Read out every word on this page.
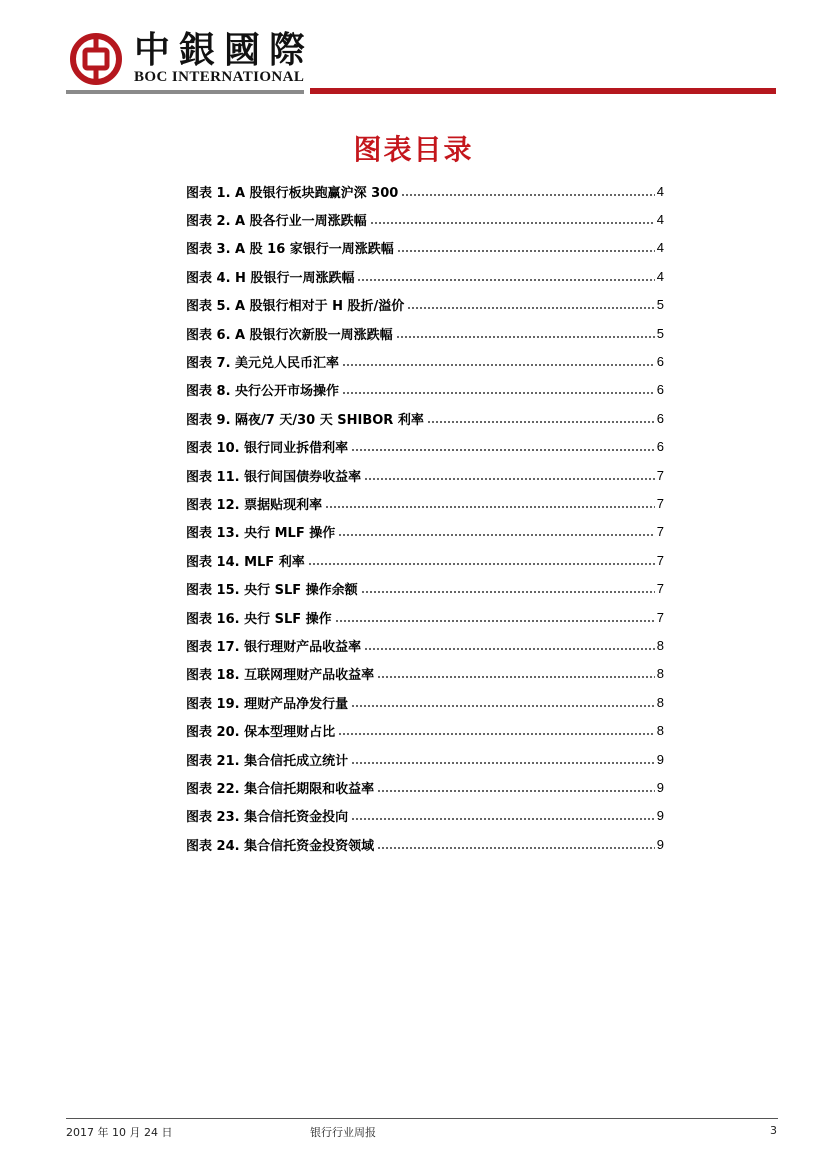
中銀國際
BOC INTERNATIONAL
图表目录
图表 1. A 股银行板块跑赢沪深 300	4
图表 2. A 股各行业一周涨跌幅	4
图表 3. A 股 16 家银行一周涨跌幅	4
图表 4. H 股银行一周涨跌幅	4
图表 5. A 股银行相对于 H 股折/溢价	5
图表 6. A 股银行次新股一周涨跌幅	5
图表 7. 美元兑人民币汇率	6
图表 8. 央行公开市场操作	6
图表 9. 隔夜/7 天/30 天 SHIBOR 利率	6
图表 10. 银行同业拆借利率	6
图表 11. 银行间国债券收益率	7
图表 12. 票据贴现利率	7
图表 13. 央行 MLF 操作	7
图表 14. MLF 利率	7
图表 15. 央行 SLF 操作余额	7
图表 16. 央行 SLF 操作	7
图表 17. 银行理财产品收益率	8
图表 18. 互联网理财产品收益率	8
图表 19. 理财产品净发行量	8
图表 20. 保本型理财占比	8
图表 21. 集合信托成立统计	9
图表 22. 集合信托期限和收益率	9
图表 23. 集合信托资金投向	9
图表 24. 集合信托资金投资领域	9
2017 年 10 月 24 日	银行行业周报	3
